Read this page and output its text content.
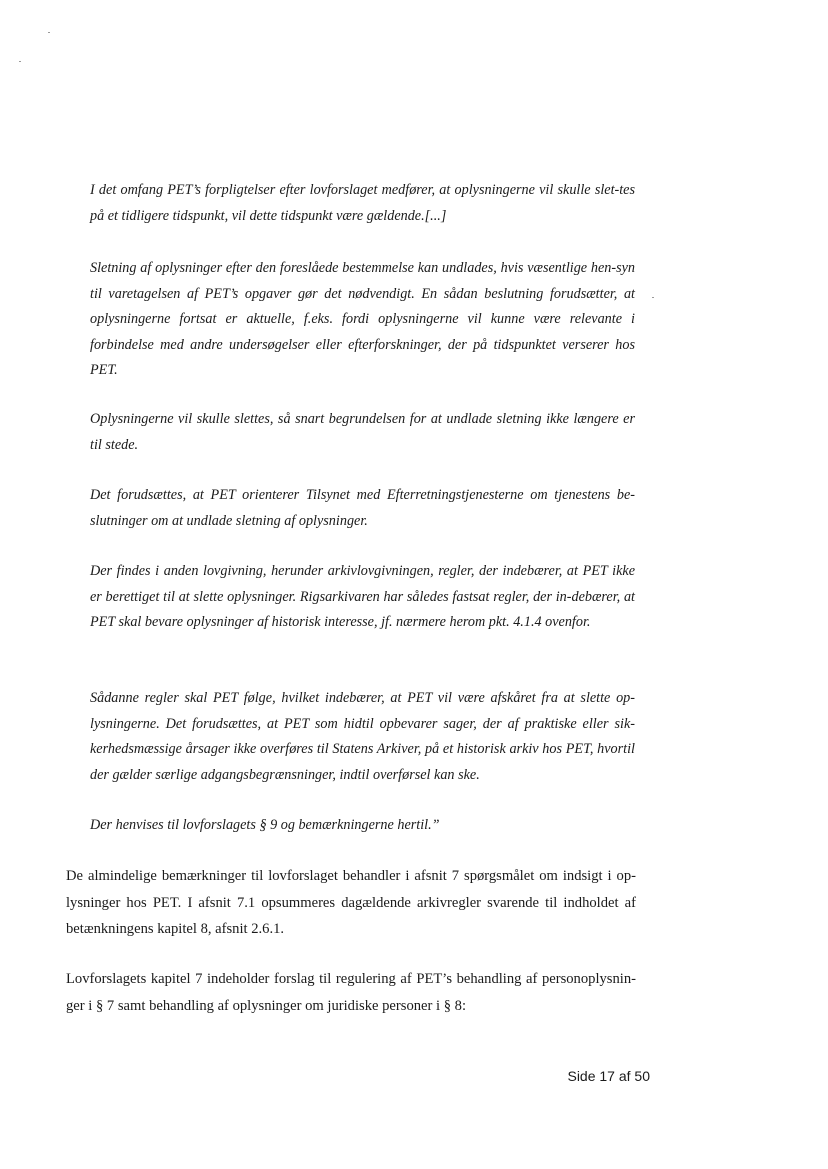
I det omfang PET’s forpligtelser efter lovforslaget medfører, at oplysningerne vil skulle slet-tes på et tidligere tidspunkt, vil dette tidspunkt være gældende.[...]

Sletning af oplysninger efter den foreslåede bestemmelse kan undlades, hvis væsentlige hen-syn til varetagelsen af PET’s opgaver gør det nødvendigt. En sådan beslutning forudsætter, at oplysningerne fortsat er aktuelle, f.eks. fordi oplysningerne vil kunne være relevante i forbindelse med andre undersøgelser eller efterforskninger, der på tidspunktet verserer hos PET.

Oplysningerne vil skulle slettes, så snart begrundelsen for at undlade sletning ikke længere er til stede.

Det forudsættes, at PET orienterer Tilsynet med Efterretningstjenesterne om tjenestens be-slutninger om at undlade sletning af oplysninger.

Der findes i anden lovgivning, herunder arkivlovgivningen, regler, der indebærer, at PET ikke er berettiget til at slette oplysninger. Rigsarkivaren har således fastsat regler, der in-debærer, at PET skal bevare oplysninger af historisk interesse, jf. nærmere herom pkt. 4.1.4 ovenfor.

Sådanne regler skal PET følge, hvilket indebærer, at PET vil være afskåret fra at slette op-lysningerne. Det forudsættes, at PET som hidtil opbevarer sager, der af praktiske eller sik-kerhedsmæssige årsager ikke overføres til Statens Arkiver, på et historisk arkiv hos PET, hvortil der gælder særlige adgangsbegrænsninger, indtil overførsel kan ske.

Der henvises til lovforslagets § 9 og bemærkningerne hertil.”

De almindelige bemærkninger til lovforslaget behandler i afsnit 7 spørgsmålet om indsigt i op-lysninger hos PET. I afsnit 7.1 opsummeres dagældende arkivregler svarende til indholdet af betænkningens kapitel 8, afsnit 2.6.1.

Lovforslagets kapitel 7 indeholder forslag til regulering af PET’s behandling af personoplysnin-ger i § 7 samt behandling af oplysninger om juridiske personer i § 8:

Side 17 af 50
